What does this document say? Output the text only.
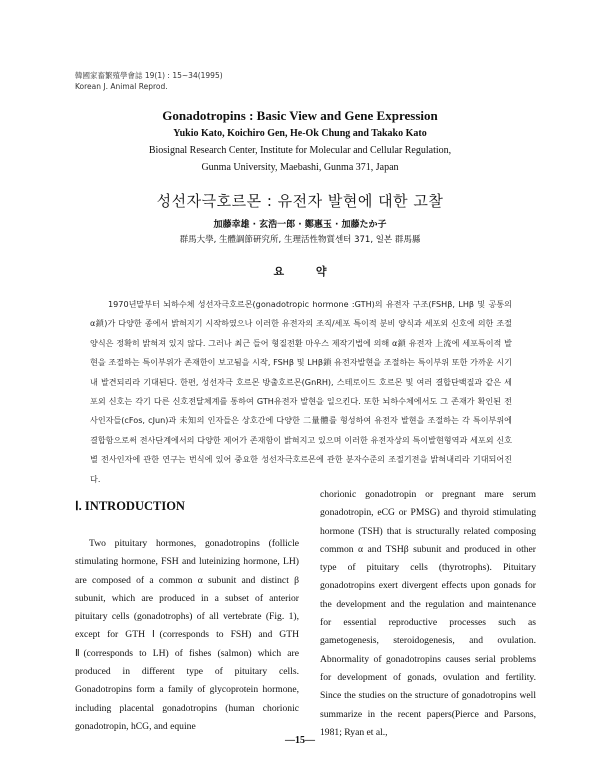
韓國家畜繁殖學會誌 19(1) : 15~34(1995)
Korean J. Animal Reprod.
Gonadotropins : Basic View and Gene Expression
Yukio Kato, Koichiro Gen, He-Ok Chung and Takako Kato
Biosignal Research Center, Institute for Molecular and Cellular Regulation,
Gunma University, Maebashi, Gunma 371, Japan
성선자극호르몬 : 유전자 발현에 대한 고찰
加藤幸雄 · 玄浩一郎 · 鄭惠玉 · 加藤たか子
群馬大學, 生體調節硏究所, 生理活性物質센터 371, 일본 群馬縣
요 약
1970년말부터 뇌하수체 성선자극호르몬(gonadotropic hormone :GTH)의 유전자 구조(FSHβ, LHβ 및 공통의 α鎖)가 다양한 종에서 밝혀지기 시작하였으나 이러한 유전자의 조직/세포 특이적 분비 양식과 세포외 신호에 의한 조절양식은 정확히 밝혀져 있지 않다. 그러나 최근 들어 형질전환 마우스 제작기법에 의해 α鎖 유전자 上流에 세포특이적 발현을 조절하는 특이부위가 존재한이 보고됨을 시작, FSHβ 및 LHβ鎖 유전자발현을 조절하는 특이부위 또한 가까운 시기내 발견되리라 기대된다. 한편, 성선자극 호르몬 방출호르몬(GnRH), 스테로이드 호르몬 및 여러 결합단백질과 같은 세포외 신호는 각기 다른 신호전달체계를 통하여 GTH유전자 발현을 일으킨다. 또한 뇌하수체에서도 그 존재가 확인된 전사인자들(cFos, cJun)과 未知의 인자들은 상호간에 다양한 二量體를 형성하여 유전자 발현을 조절하는 각 특이부위에 결합함으로써 전사단계에서의 다양한 제어가 존재함이 밝혀지고 있으며 이러한 유전자상의 특이발현형역과 세포외 신호별 전사인자에 관한 연구는 번식에 있어 중요한 성선자극호르몬에 관한 분자수준의 조절기전을 밝혀내리라 기대되어진다.
Ⅰ. INTRODUCTION
Two pituitary hormones, gonadotropins (follicle stimulating hormone, FSH and luteinizing hormone, LH) are composed of a common α subunit and distinct β subunit, which are produced in a subset of anterior pituitary cells (gonadotrophs) of all vertebrate (Fig. 1), except for GTH Ⅰ(corresponds to FSH) and GTH Ⅱ(corresponds to LH) of fishes (salmon) which are produced in different type of pituitary cells. Gonadotropins form a family of glycoprotein hormone, including placental gonadotropins (human chorionic gonadotropin, hCG, and equine
chorionic gonadotropin or pregnant mare serum gonadotropin, eCG or PMSG) and thyroid stimulating hormone (TSH) that is structurally related composing common α and TSHβ subunit and produced in other type of pituitary cells (thyrotrophs). Pituitary gonadotropins exert divergent effects upon gonads for the development and the regulation and maintenance for essential reproductive processes such as gametogenesis, steroidogenesis, and ovulation. Abnormality of gonadotropins causes serial problems for development of gonads, ovulation and fertility. Since the studies on the structure of gonadotropins well summarize in the recent papers(Pierce and Parsons, 1981; Ryan et al.,
—15—
